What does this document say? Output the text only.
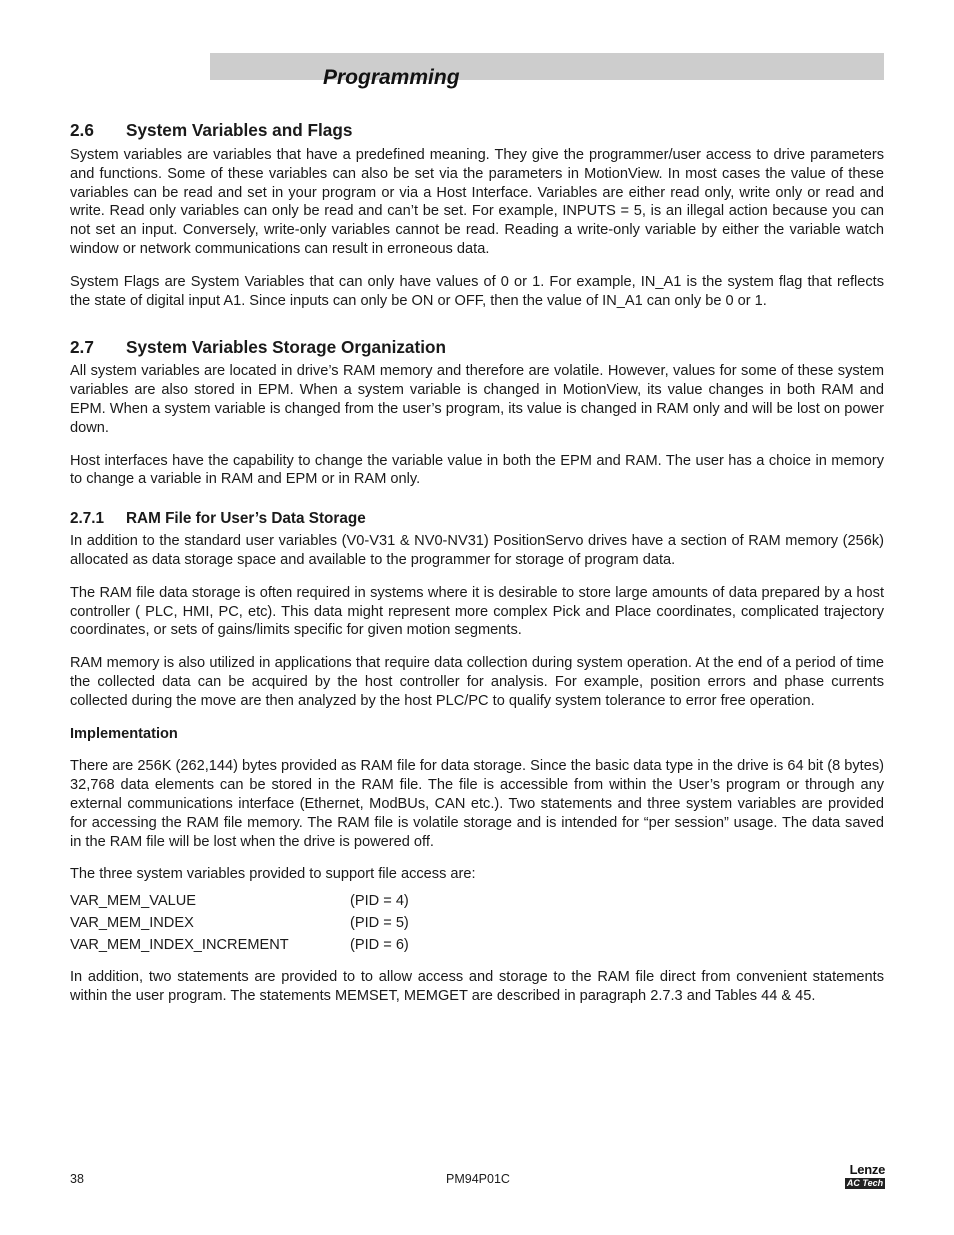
Programming
2.6	System Variables and Flags

System variables are variables that have a predefined meaning. They give the programmer/user access to drive parameters and functions. Some of these variables can also be set via the parameters in MotionView. In most cases the value of these variables can be read and set in your program or via a Host Interface. Variables are either read only, write only or read and write. Read only variables can only be read and can’t be set. For example, INPUTS = 5, is an illegal action because you can not set an input. Conversely, write-only variables cannot be read. Reading a write-only variable by either the variable watch window or network communications can result in erroneous data.

System Flags are System Variables that can only have values of 0 or 1. For example, IN_A1 is the system flag that reflects the state of digital input A1. Since inputs can only be ON or OFF, then the value of IN_A1 can only be 0 or 1.

2.7	System Variables Storage Organization

All system variables are located in drive’s RAM memory and therefore are volatile. However, values for some of these system variables are also stored in EPM. When a system variable is changed in MotionView, its value changes in both RAM and EPM. When a system variable is changed from the user’s program, its value is changed in RAM only and will be lost on power down.

Host interfaces have the capability to change the variable value in both the EPM and RAM. The user has a choice in memory to change a variable in RAM and EPM or in RAM only.

2.7.1	RAM File for User’s Data Storage

In addition to the standard user variables (V0-V31 & NV0-NV31) PositionServo drives have a section of RAM memory (256k) allocated as data storage space and available to the programmer for storage of program data.

The RAM file data storage is often required in systems where it is desirable to store large amounts of data prepared by a host controller ( PLC, HMI, PC, etc). This data might represent more complex Pick and Place coordinates, complicated trajectory coordinates, or sets of gains/limits specific for given motion segments.

RAM memory is also utilized in applications that require data collection during system operation. At the end of a period of time the collected data can be acquired by the host controller for analysis. For example, position errors and phase currents collected during the move are then analyzed by the host PLC/PC to qualify system tolerance to error free operation.

Implementation

There are 256K (262,144) bytes provided as RAM file for data storage. Since the basic data type in the drive is 64 bit (8 bytes) 32,768 data elements can be stored in the RAM file. The file is accessible from within the User’s program or through any external communications interface (Ethernet, ModBUs, CAN etc.). Two statements and three system variables are provided for accessing the RAM file memory. The RAM file is volatile storage and is intended for “per session” usage. The data saved in the RAM file will be lost when the drive is powered off.

The three system variables provided to support file access are:

VAR_MEM_VALUE	(PID = 4)
VAR_MEM_INDEX	(PID = 5)
VAR_MEM_INDEX_INCREMENT	(PID = 6)

In addition, two statements are provided to to allow access and storage to the RAM file direct from convenient statements within the user program. The statements MEMSET, MEMGET are described in paragraph 2.7.3 and Tables 44 & 45.

38	PM94P01C
Lenze
AC Tech
